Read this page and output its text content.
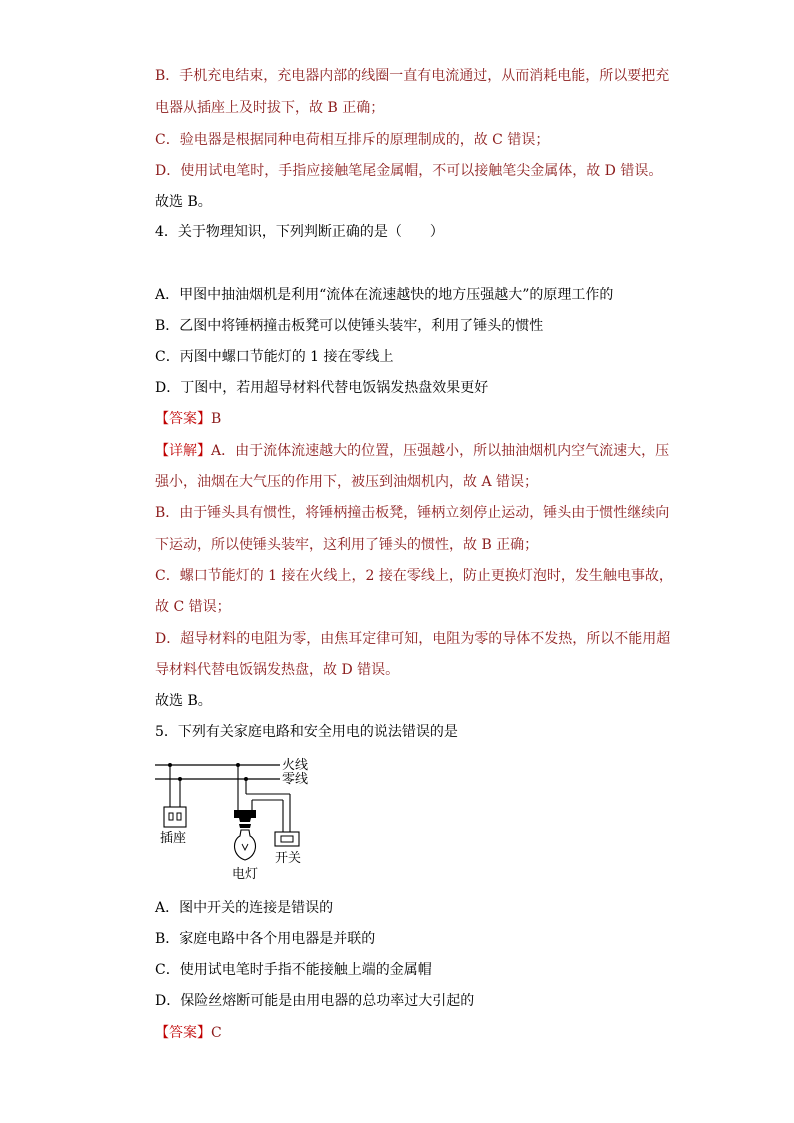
B．手机充电结束，充电器内部的线圈一直有电流通过，从而消耗电能，所以要把充
电器从插座上及时拔下，故 B 正确；
C．验电器是根据同种电荷相互排斥的原理制成的，故 C 错误；
D．使用试电笔时，手指应接触笔尾金属帽，不可以接触笔尖金属体，故 D 错误。
故选 B。
4．关于物理知识，下列判断正确的是（　　）
A．甲图中抽油烟机是利用“流体在流速越快的地方压强越大”的原理工作的
B．乙图中将锤柄撞击板凳可以使锤头装牢，利用了锤头的惯性
C．丙图中螺口节能灯的 1 接在零线上
D．丁图中，若用超导材料代替电饭锅发热盘效果更好
【答案】B
【详解】A．由于流体流速越大的位置，压强越小，所以抽油烟机内空气流速大，压
强小，油烟在大气压的作用下，被压到油烟机内，故 A 错误；
B．由于锤头具有惯性，将锤柄撞击板凳，锤柄立刻停止运动，锤头由于惯性继续向
下运动，所以使锤头装牢，这利用了锤头的惯性，故 B 正确；
C．螺口节能灯的 1 接在火线上，2 接在零线上，防止更换灯泡时，发生触电事故，
故 C 错误；
D．超导材料的电阻为零，由焦耳定律可知，电阻为零的导体不发热，所以不能用超
导材料代替电饭锅发热盘，故 D 错误。
故选 B。
5．下列有关家庭电路和安全用电的说法错误的是
火线
零线
插座
电灯
开关
A．图中开关的连接是错误的
B．家庭电路中各个用电器是并联的
C．使用试电笔时手指不能接触上端的金属帽
D．保险丝熔断可能是由用电器的总功率过大引起的
【答案】C
